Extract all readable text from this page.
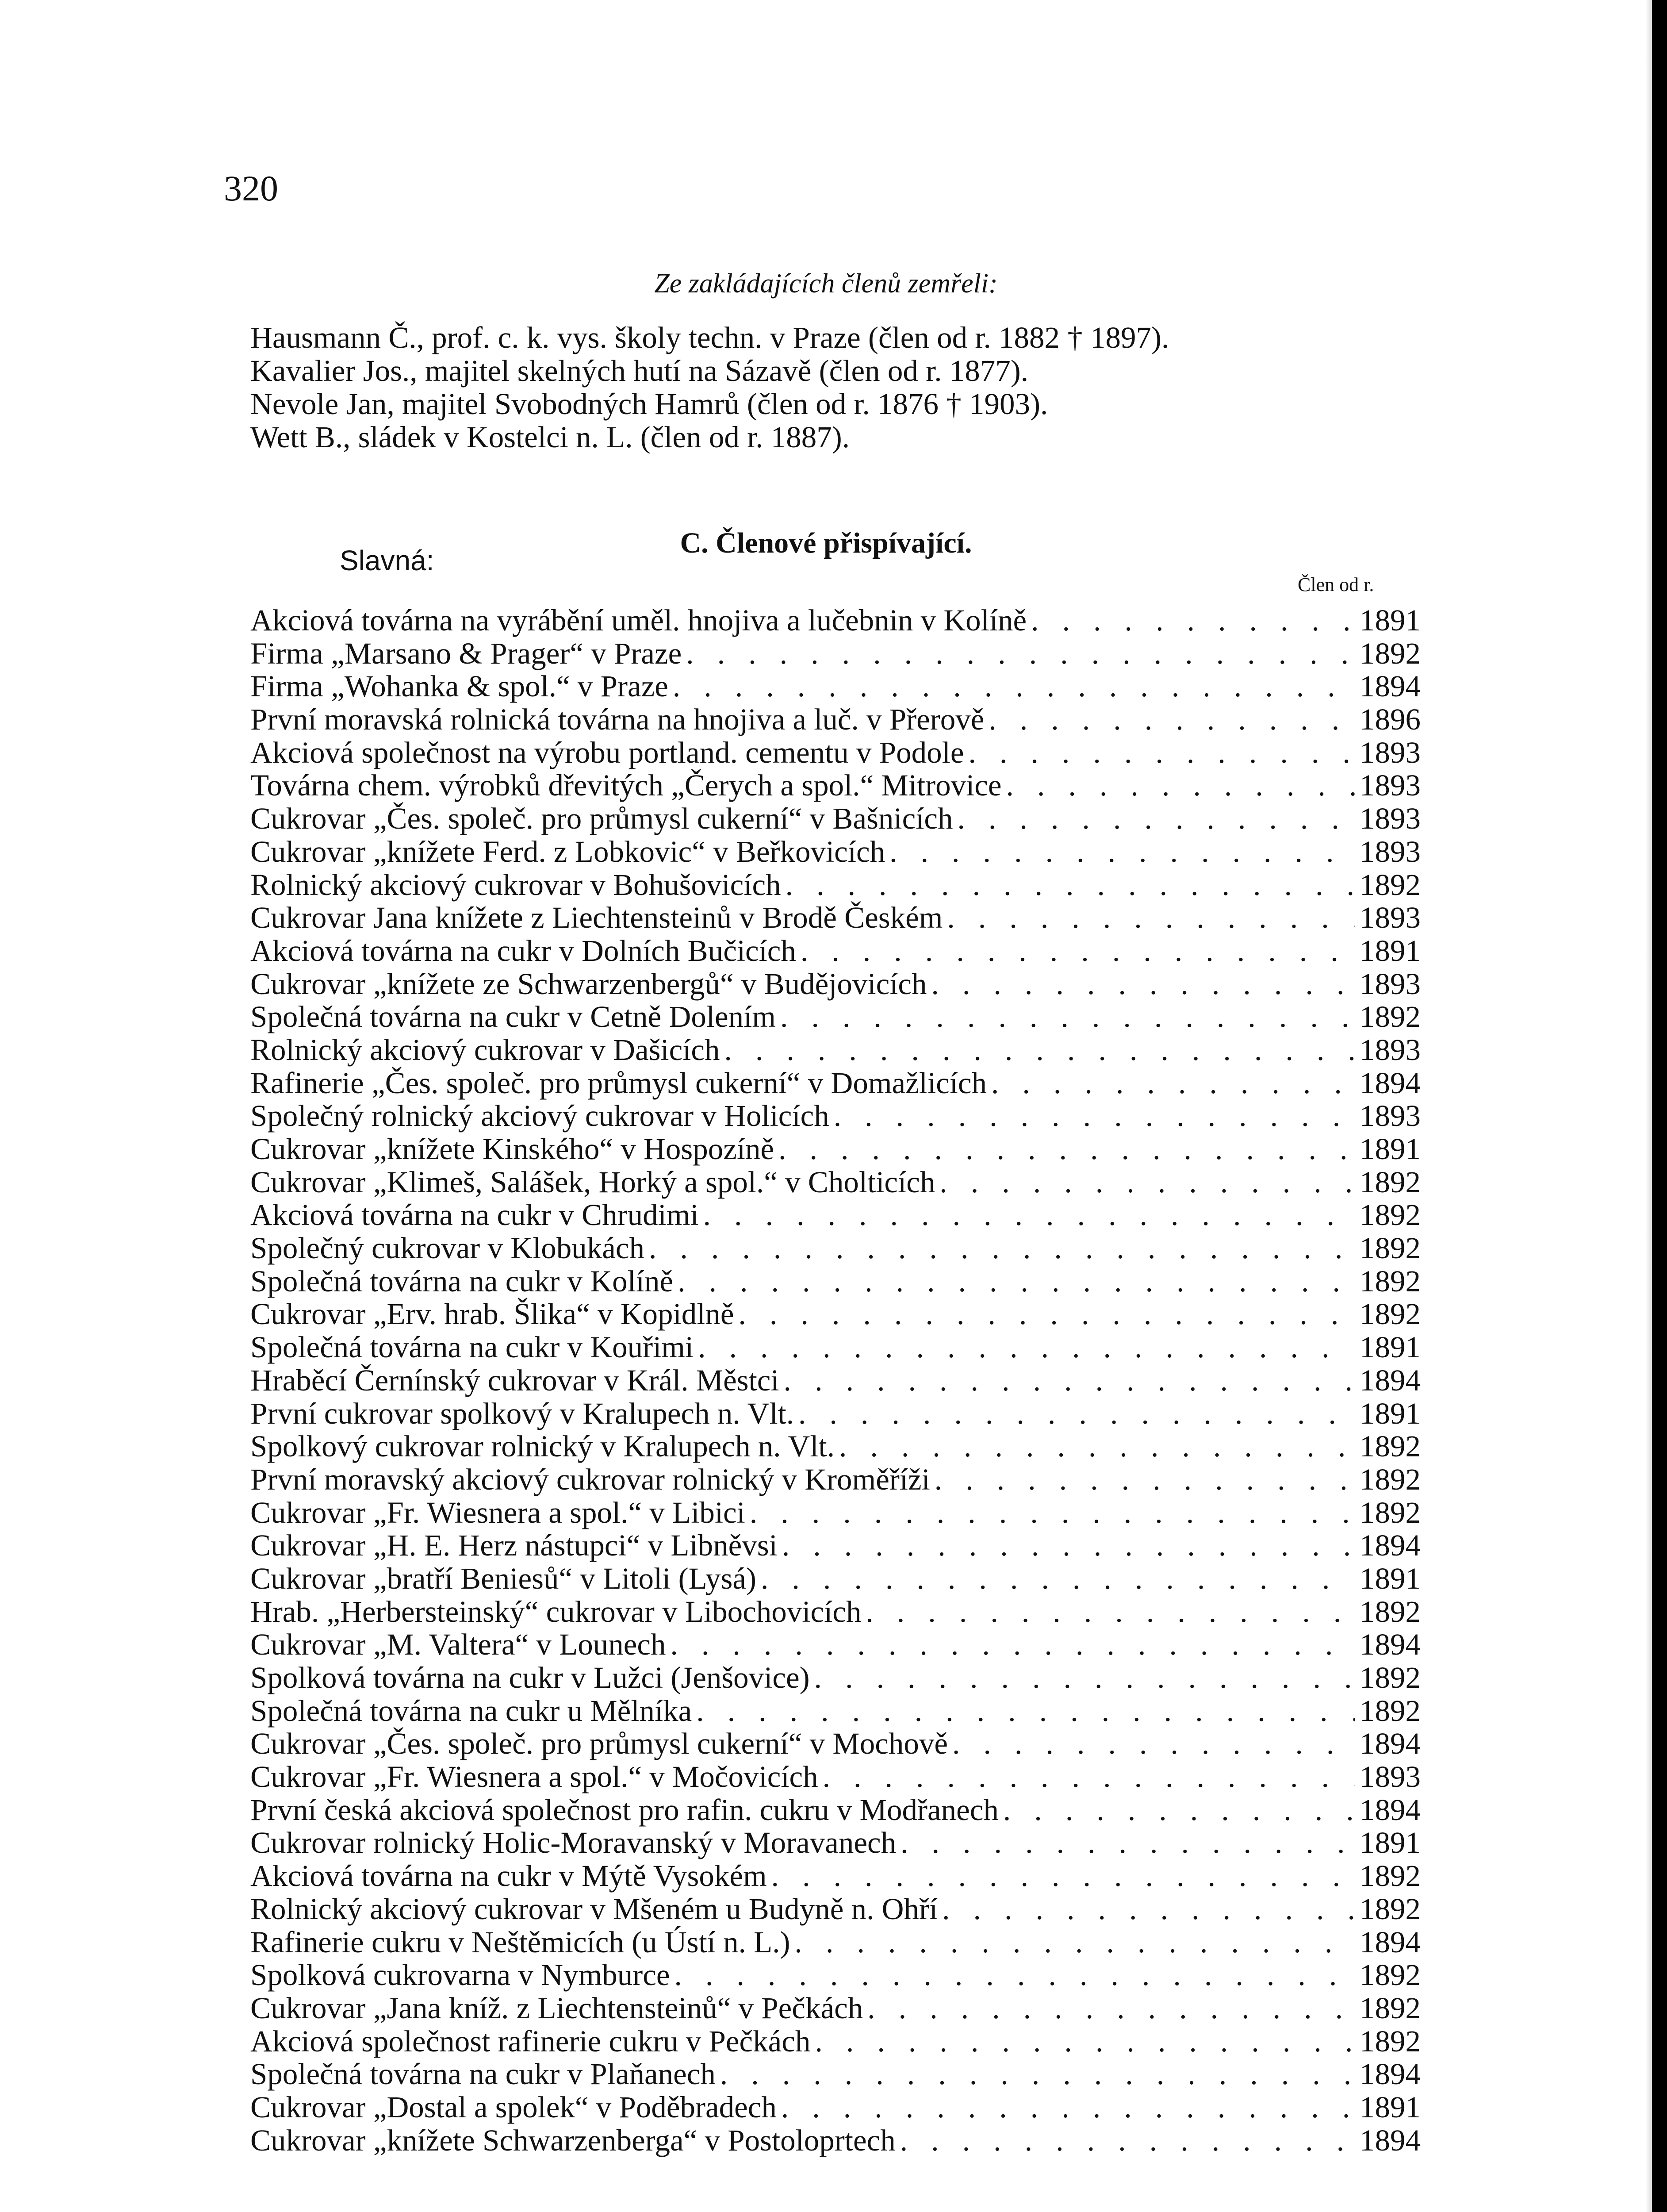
320
Ze zakládajících členů zemřeli:
Hausmann Č., prof. c. k. vys. školy techn. v Praze (člen od r. 1882 † 1897).
Kavalier Jos., majitel skelných hutí na Sázavě (člen od r. 1877).
Nevole Jan, majitel Svobodných Hamrů (člen od r. 1876 † 1903).
Wett B., sládek v Kostelci n. L. (člen od r. 1887).
C. Členové přispívající.
Slavná:
Člen od r.
Akciová továrna na vyrábění uměl. hnojiva a lučebnin v Kolíně . . .	1891
Firma „Marsano & Prager“ v Praze . . .	1892
Firma „Wohanka & spol.“ v Praze . . .	1894
První moravská rolnická továrna na hnojiva a luč. v Přerově . . .	1896
Akciová společnost na výrobu portland. cementu v Podole . . .	1893
Továrna chem. výrobků dřevitých „Čerych a spol.“ Mitrovice . . .	1893
Cukrovar „Čes. společ. pro průmysl cukerní“ v Bašnicích . . .	1893
Cukrovar „knížete Ferd. z Lobkovic“ v Beřkovicích . . .	1893
Rolnický akciový cukrovar v Bohušovicích . . .	1892
Cukrovar Jana knížete z Liechtensteinů v Brodě Českém . . .	1893
Akciová továrna na cukr v Dolních Bučicích . . .	1891
Cukrovar „knížete ze Schwarzenbergů“ v Budějovicích . . .	1893
Společná továrna na cukr v Cetně Dolením . . .	1892
Rolnický akciový cukrovar v Dašicích . . .	1893
Rafinerie „Čes. společ. pro průmysl cukerní“ v Domažlicích . . .	1894
Společný rolnický akciový cukrovar v Holicích . . .	1893
Cukrovar „knížete Kinského“ v Hospozíně . . .	1891
Cukrovar „Klimeš, Salášek, Horký a spol.“ v Cholticích . . .	1892
Akciová továrna na cukr v Chrudimi . . .	1892
Společný cukrovar v Klobukách . . .	1892
Společná továrna na cukr v Kolíně . . .	1892
Cukrovar „Erv. hrab. Šlika“ v Kopidlně . . .	1892
Společná továrna na cukr v Kouřimi . . .	1891
Hraběcí Černínský cukrovar v Král. Městci . . .	1894
První cukrovar spolkový v Kralupech n. Vlt. . . .	1891
Spolkový cukrovar rolnický v Kralupech n. Vlt. . . .	1892
První moravský akciový cukrovar rolnický v Kroměříži . . .	1892
Cukrovar „Fr. Wiesnera a spol.“ v Libici . . .	1892
Cukrovar „H. E. Herz nástupci“ v Libněvsi . . .	1894
Cukrovar „bratří Beniesů“ v Litoli (Lysá) . . .	1891
Hrab. „Herbersteinský“ cukrovar v Libochovicích . . .	1892
Cukrovar „M. Valtera“ v Lounech . . .	1894
Spolková továrna na cukr v Lužci (Jenšovice) . . .	1892
Společná továrna na cukr u Mělníka . . .	1892
Cukrovar „Čes. společ. pro průmysl cukerní“ v Mochově . . .	1894
Cukrovar „Fr. Wiesnera a spol.“ v Močovicích . . .	1893
První česká akciová společnost pro rafin. cukru v Modřanech . . .	1894
Cukrovar rolnický Holic-Moravanský v Moravanech . . .	1891
Akciová továrna na cukr v Mýtě Vysokém . . .	1892
Rolnický akciový cukrovar v Mšeném u Budyně n. Ohří . . .	1892
Rafinerie cukru v Neštěmicích (u Ústí n. L.) . . .	1894
Spolková cukrovarna v Nymburce . . .	1892
Cukrovar „Jana kníž. z Liechtensteinů“ v Pečkách . . .	1892
Akciová společnost rafinerie cukru v Pečkách . . .	1892
Společná továrna na cukr v Plaňanech . . .	1894
Cukrovar „Dostal a spolek“ v Poděbradech . . .	1891
Cukrovar „knížete Schwarzenberga“ v Postoloprtech . . .	1894
